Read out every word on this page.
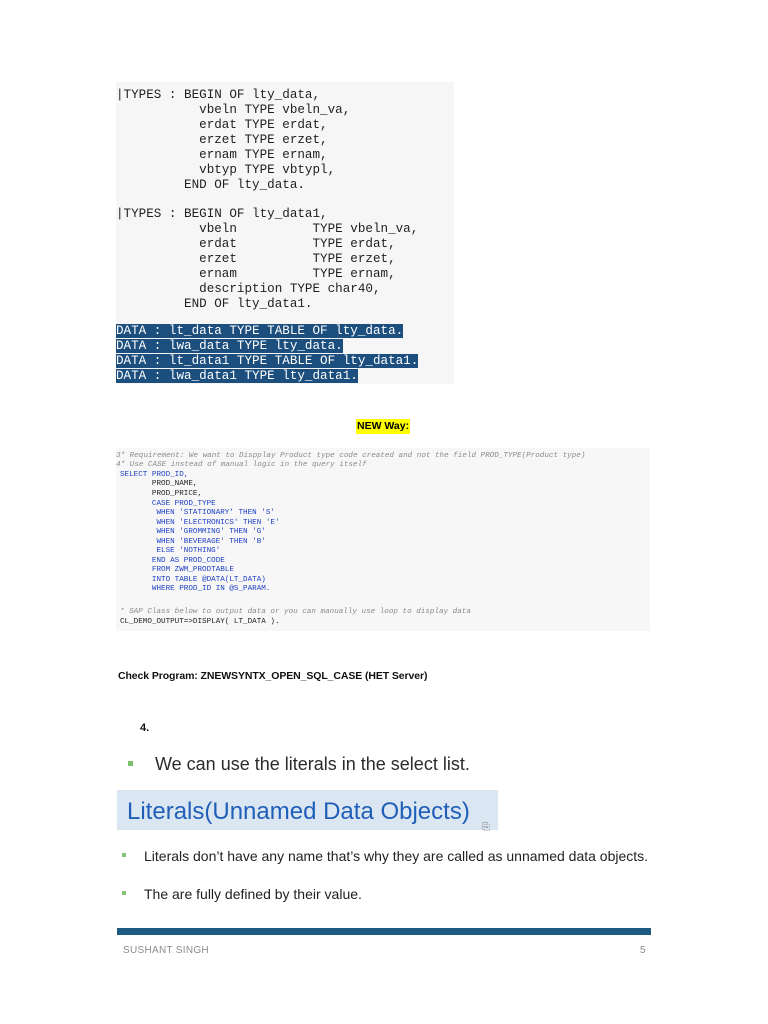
|TYPES : BEGIN OF lty_data,
vbeln TYPE vbeln_va,
erdat TYPE erdat,
erzet TYPE erzet,
ernam TYPE ernam,
vbtyp TYPE vbtypl,
END OF lty_data.
|TYPES : BEGIN OF lty_data1,
vbeln          TYPE vbeln_va,
erdat          TYPE erdat,
erzet          TYPE erzet,
ernam          TYPE ernam,
description TYPE char40,
END OF lty_data1.
DATA : lt_data TYPE TABLE OF lty_data.
DATA : lwa_data TYPE lty_data.
DATA : lt_data1 TYPE TABLE OF lty_data1.
DATA : lwa_data1 TYPE lty_data1.
NEW Way:
3* Requirement: We want to Dispplay Product type code created and not the field PROD_TYPE(Product type)
4* Use CASE instead of manual logic in the query itself
SELECT PROD_ID,
PROD_NAME,
PROD_PRICE,
CASE PROD_TYPE
WHEN 'STATIONARY' THEN 'S'
WHEN 'ELECTRONICS' THEN 'E'
WHEN 'GROMMING' THEN 'G'
WHEN 'BEVERAGE' THEN 'B'
ELSE 'NOTHING'
END AS PROD_CODE
FROM ZWM_PRODTABLE
INTO TABLE @DATA(LT_DATA)
WHERE PROD_ID IN @S_PARAM.
* SAP Class below to output data or you can manually use loop to display data
CL_DEMO_OUTPUT=>DISPLAY( LT_DATA ).
Check Program: ZNEWSYNTX_OPEN_SQL_CASE (HET Server)
4.
We can use the literals in the select list.
Literals(Unnamed Data Objects)
⎘
Literals don’t have any name that’s why they are called as unnamed data objects.
The are fully defined by their value.
SUSHANT SINGH	5
